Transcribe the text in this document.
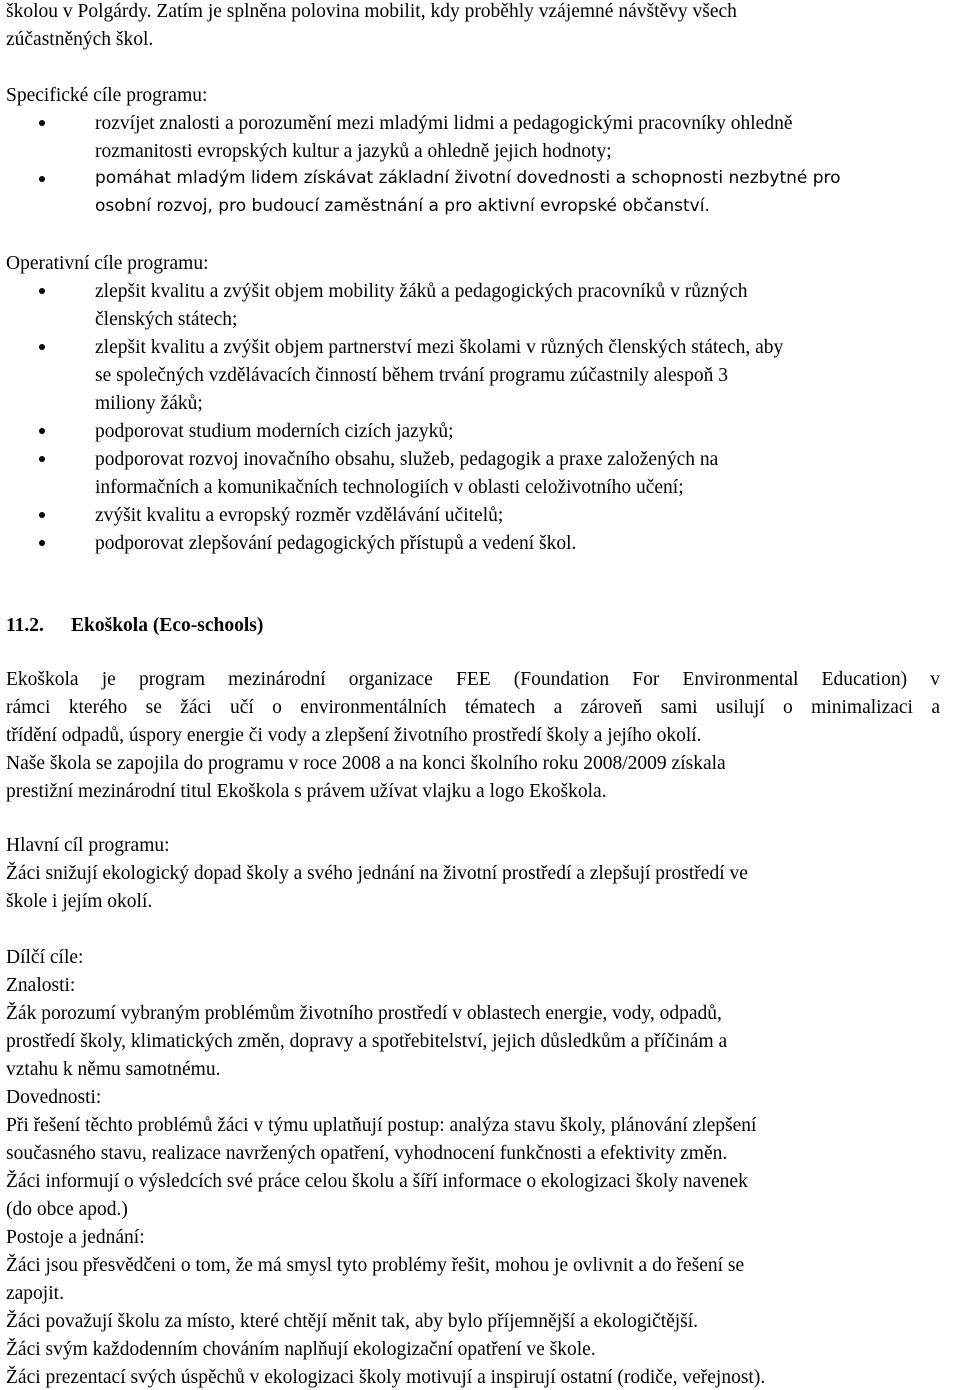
školou v Polgárdy. Zatím je splněna polovina mobilit, kdy proběhly vzájemné návštěvy všech
zúčastněných škol.
Specifické cíle programu:
rozvíjet znalosti a porozumění mezi mladými lidmi a pedagogickými pracovníky ohledně
rozmanitosti evropských kultur a jazyků a ohledně jejich hodnoty;
pomáhat mladým lidem získávat základní životní dovednosti a schopnosti nezbytné pro
osobní rozvoj, pro budoucí zaměstnání a pro aktivní evropské občanství.
Operativní cíle programu:
zlepšit kvalitu a zvýšit objem mobility žáků a pedagogických pracovníků v různých
členských státech;
zlepšit kvalitu a zvýšit objem partnerství mezi školami v různých členských státech, aby
se společných vzdělávacích činností během trvání programu zúčastnily alespoň 3
miliony žáků;
podporovat studium moderních cizích jazyků;
podporovat rozvoj inovačního obsahu, služeb, pedagogik a praxe založených na
informačních a komunikačních technologiích v oblasti celoživotního učení;
zvýšit kvalitu a evropský rozměr vzdělávání učitelů;
podporovat zlepšování pedagogických přístupů a vedení škol.
11.2. Ekoškola (Eco-schools)
Ekoškola je program mezinárodní organizace FEE (Foundation For Environmental Education) v
rámci kterého se žáci učí o environmentálních tématech a zároveň sami usilují o minimalizaci a
třídění odpadů, úspory energie či vody a zlepšení životního prostředí školy a jejího okolí.
Naše škola se zapojila do programu v roce 2008 a na konci školního roku 2008/2009 získala
prestižní mezinárodní titul Ekoškola s právem užívat vlajku a logo Ekoškola.
Hlavní cíl programu:
Žáci snižují ekologický dopad školy a svého jednání na životní prostředí a zlepšují prostředí ve
škole i jejím okolí.
Dílčí cíle:
Znalosti:
Žák porozumí vybraným problémům životního prostředí v oblastech energie, vody, odpadů,
prostředí školy, klimatických změn, dopravy a spotřebitelství, jejich důsledkům a příčinám a
vztahu k němu samotnému.
Dovednosti:
Při řešení těchto problémů žáci v týmu uplatňují postup: analýza stavu školy, plánování zlepšení
současného stavu, realizace navržených opatření, vyhodnocení funkčnosti a efektivity změn.
Žáci informují o výsledcích své práce celou školu a šíří informace o ekologizaci školy navenek
(do obce apod.)
Postoje a jednání:
Žáci jsou přesvědčeni o tom, že má smysl tyto problémy řešit, mohou je ovlivnit a do řešení se
zapojit.
Žáci považují školu za místo, které chtějí měnit tak, aby bylo příjemnější a ekologičtější.
Žáci svým každodenním chováním naplňují ekologizační opatření ve škole.
Žáci prezentací svých úspěchů v ekologizaci školy motivují a inspirují ostatní (rodiče, veřejnost).
